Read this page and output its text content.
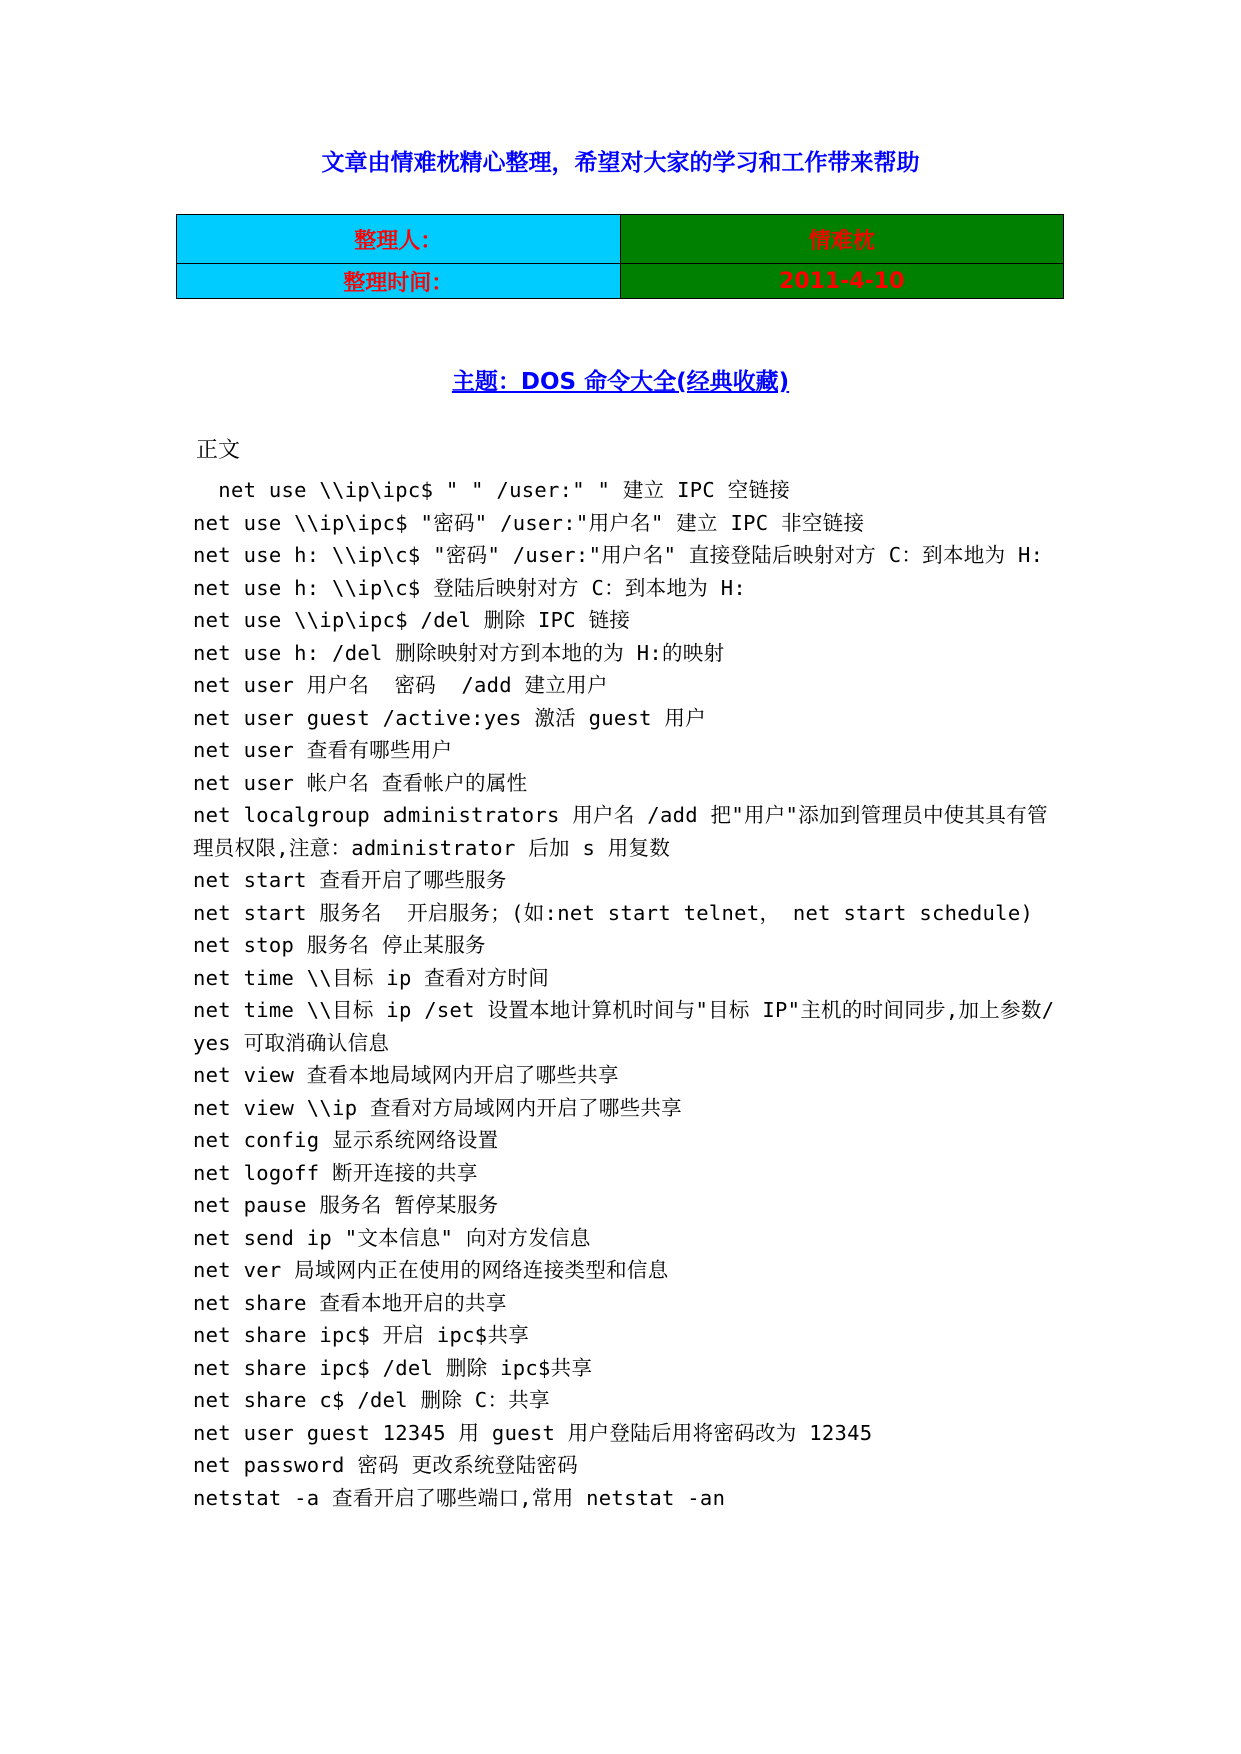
文章由情难枕精心整理，希望对大家的学习和工作带来帮助
整理人：	情难枕
整理时间：	2011-4-10
主题：DOS 命令大全(经典收藏)
正文
net use \\ip\ipc$ " " /user:" " 建立 IPC 空链接
net use \\ip\ipc$ "密码" /user:"用户名" 建立 IPC 非空链接
net use h: \\ip\c$ "密码" /user:"用户名" 直接登陆后映射对方 C：到本地为 H:
net use h: \\ip\c$ 登陆后映射对方 C：到本地为 H:
net use \\ip\ipc$ /del 删除 IPC 链接
net use h: /del 删除映射对方到本地的为 H:的映射
net user 用户名  密码  /add 建立用户
net user guest /active:yes 激活 guest 用户
net user 查看有哪些用户
net user 帐户名 查看帐户的属性
net localgroup administrators 用户名 /add 把"用户"添加到管理员中使其具有管理员权限,注意：administrator 后加 s 用复数
net start 查看开启了哪些服务
net start 服务名  开启服务；(如:net start telnet， net start schedule)
net stop 服务名 停止某服务
net time \\目标 ip 查看对方时间
net time \\目标 ip /set 设置本地计算机时间与"目标 IP"主机的时间同步,加上参数/yes 可取消确认信息
net view 查看本地局域网内开启了哪些共享
net view \\ip 查看对方局域网内开启了哪些共享
net config 显示系统网络设置
net logoff 断开连接的共享
net pause 服务名 暂停某服务
net send ip "文本信息" 向对方发信息
net ver 局域网内正在使用的网络连接类型和信息
net share 查看本地开启的共享
net share ipc$ 开启 ipc$共享
net share ipc$ /del 删除 ipc$共享
net share c$ /del 删除 C：共享
net user guest 12345 用 guest 用户登陆后用将密码改为 12345
net password 密码 更改系统登陆密码
netstat -a 查看开启了哪些端口,常用 netstat -an
